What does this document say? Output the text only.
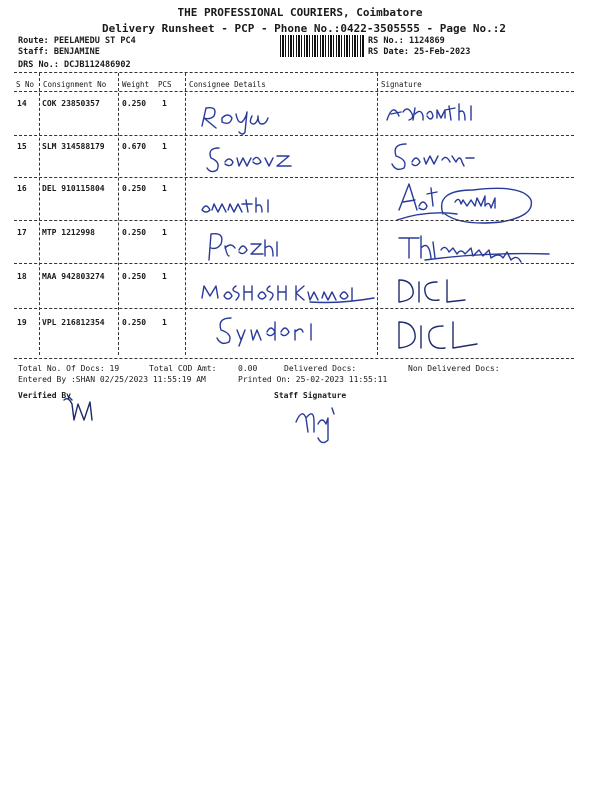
THE PROFESSIONAL COURIERS, Coimbatore
Delivery Runsheet - PCP - Phone No.:0422-3505555 - Page No.:2
Route: PEELAMEDU ST PC4
Staff: BENJAMINE
DRS No.: DCJB112486902
RS No.: 1124869
RS Date: 25-Feb-2023
S No Consignment No Weight PCS Consignee Details	Signature
14 COK 23850357	0.250 1
15 SLM 314588179 0.670 1
16 DEL 910115804 0.250 1
17 MTP 1212998	0.250 1
18 MAA 942803274 0.250 1
19 VPL 216812354 0.250 1
Total No. Of Docs: 19	Total COD Amt:	0.00	Delivered Docs:	Non Delivered Docs:
Entered By :SHAN 02/25/2023 11:55:19 AM	Printed On: 25-02-2023 11:55:11
Verified By	Staff Signature
